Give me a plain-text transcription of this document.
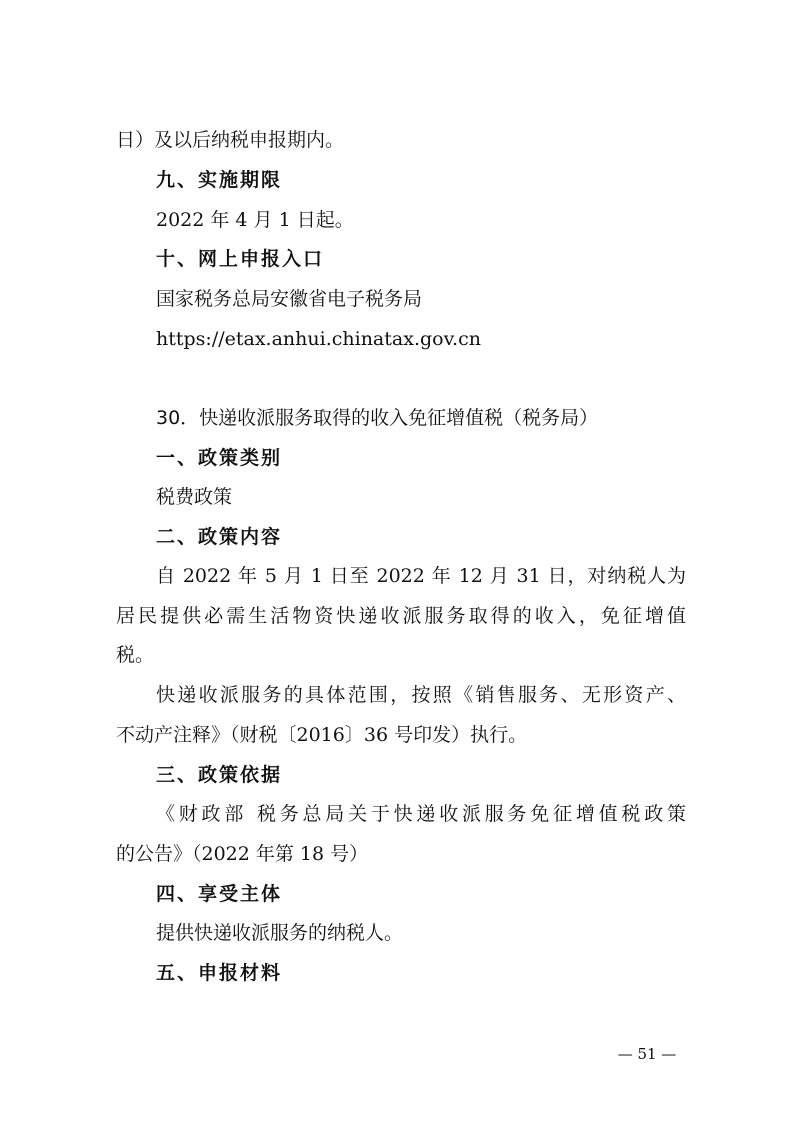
日）及以后纳税申报期内。
九、实施期限
2022 年 4 月 1 日起。
十、网上申报入口
国家税务总局安徽省电子税务局
https://etax.anhui.chinatax.gov.cn
30．快递收派服务取得的收入免征增值税（税务局）
一、政策类别
税费政策
二、政策内容
自 2022 年 5 月 1 日至 2022 年 12 月 31 日，对纳税人为
居民提供必需生活物资快递收派服务取得的收入，免征增值
税。
快递收派服务的具体范围，按照《销售服务、无形资产、
不动产注释》（财税〔2016〕36 号印发）执行。
三、政策依据
《财政部 税务总局关于快递收派服务免征增值税政策
的公告》（2022 年第 18 号）
四、享受主体
提供快递收派服务的纳税人。
五、申报材料
— 51 —
